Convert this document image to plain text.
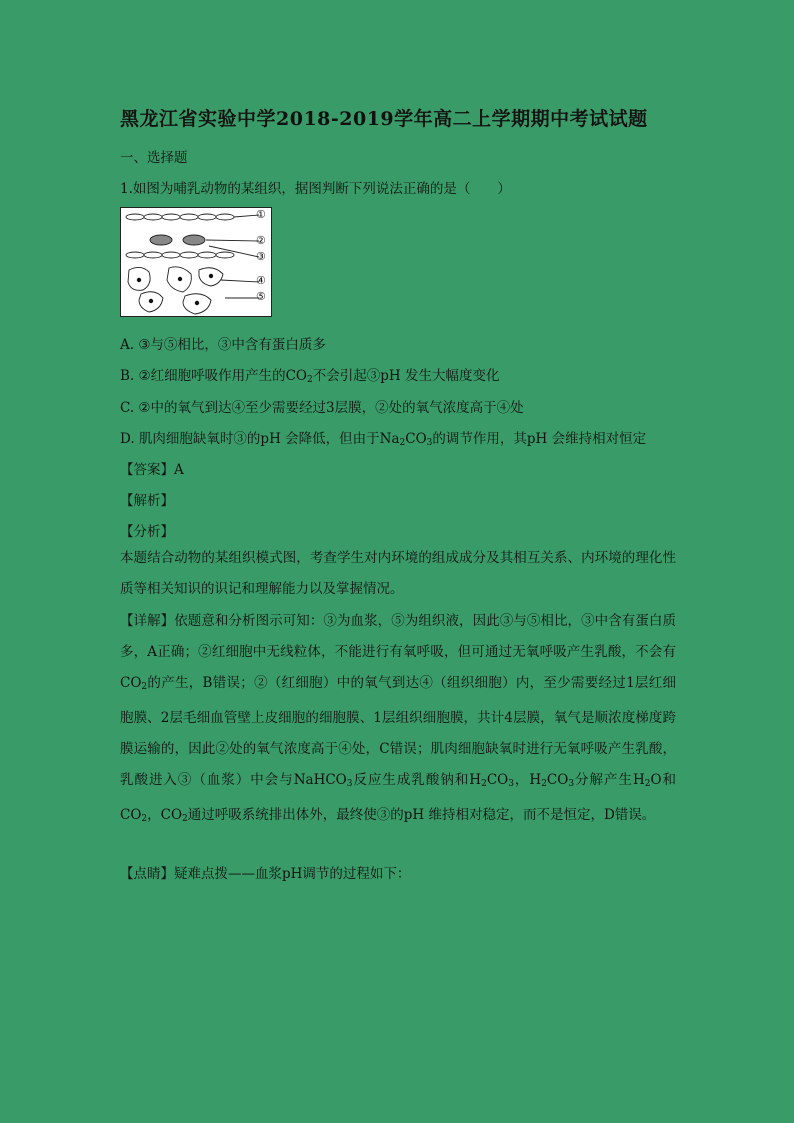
黑龙江省实验中学2018-2019学年高二上学期期中考试试题
一、选择题
1.如图为哺乳动物的某组织，据图判断下列说法正确的是（　　）
①
②
③
④
⑤
A. ③与⑤相比，③中含有蛋白质多
B. ②红细胞呼吸作用产生的$CO_2$不会引起③pH 发生大幅度变化
C. ②中的氧气到达④至少需要经过3层膜，②处的氧气浓度高于④处
D. 肌肉细胞缺氧时③的pH 会降低，但由于$Na_2CO_3$的调节作用，其pH 会维持相对恒定
【答案】A
【解析】
【分析】
本题结合动物的某组织模式图，考查学生对内环境的组成成分及其相互关系、内环境的理化性质等相关知识的识记和理解能力以及掌握情况。
【详解】依题意和分析图示可知：③为血浆，⑤为组织液，因此③与⑤相比，③中含有蛋白质多，A正确；②红细胞中无线粒体，不能进行有氧呼吸，但可通过无氧呼吸产生乳酸，不会有$CO_2$的产生，B错误；②（红细胞）中的氧气到达④（组织细胞）内，至少需要经过1层红细胞膜、2层毛细血管壁上皮细胞的细胞膜、1层组织细胞膜，共计4层膜，氧气是顺浓度梯度跨膜运输的，因此②处的氧气浓度高于④处，C错误；肌肉细胞缺氧时进行无氧呼吸产生乳酸，乳酸进入③（血浆）中会与NaHCO$_3$反应生成乳酸钠和$H_2CO_3$，$H_2CO_3$分解产生$H_2O$和$CO_2$，$CO_2$通过呼吸系统排出体外，最终使③的pH 维持相对稳定，而不是恒定，D错误。
【点睛】疑难点拨——血浆pH调节的过程如下：
